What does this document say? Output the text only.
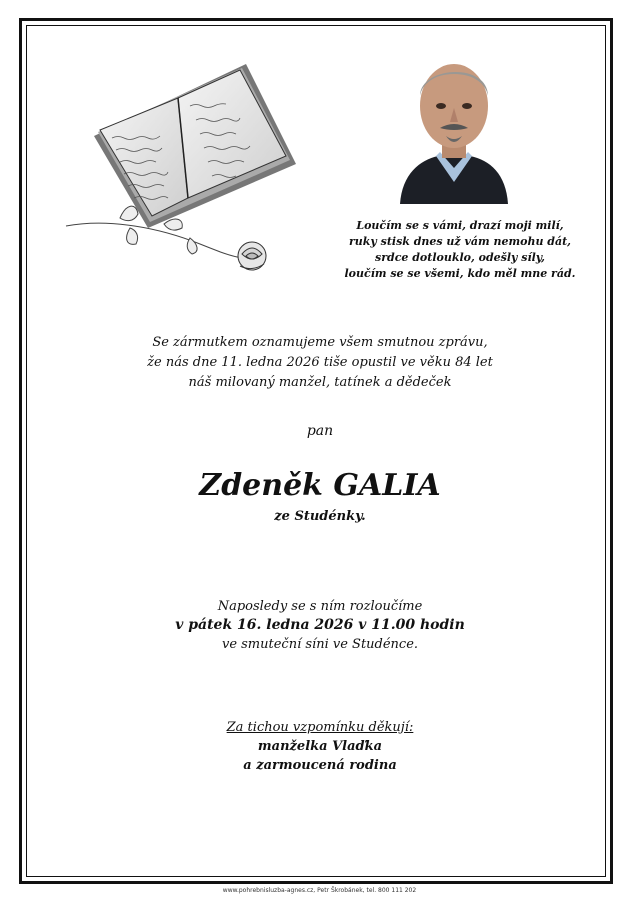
Loučím se s vámi, drazí moji milí,
ruky stisk dnes už vám nemohu dát,
srdce dotlouklo, odešly síly,
loučím se se všemi, kdo měl mne rád.
Se zármutkem oznamujeme všem smutnou zprávu,
že nás dne 11. ledna 2026 tiše opustil ve věku 84 let
náš milovaný manžel, tatínek a dědeček
pan
Zdeněk GALIA
ze Studénky.
Naposledy se s ním rozloučíme
v pátek 16. ledna 2026 v 11.00 hodin
ve smuteční síni ve Studénce.
Za tichou vzpomínku děkují:
manželka Vlaďka
a zarmoucená rodina
www.pohrebnisluzba-agnes.cz, Petr Škrobánek, tel. 800 111 202
